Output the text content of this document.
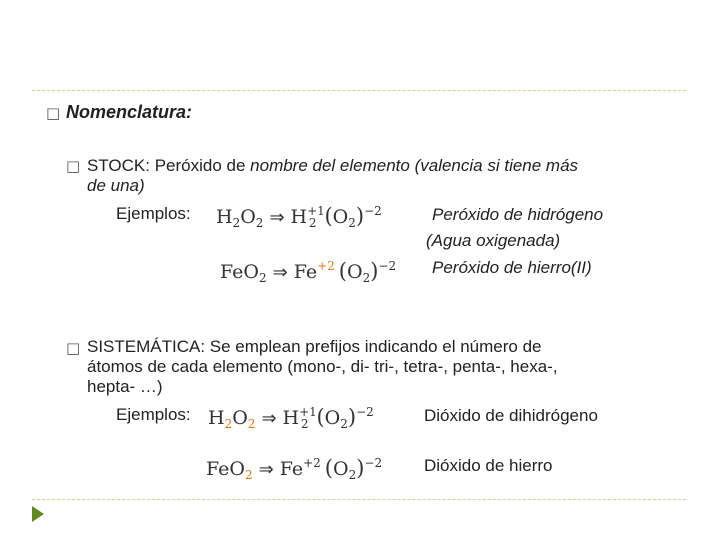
□ Nomenclatura:
□ STOCK: Peróxido de nombre del elemento (valencia si tiene más
de una)
Ejemplos: $H_2O_2$ ⇒ $H^{+1}_2$ $(O_2)^{-2}$	Peróxido de hidrógeno
(Agua oxigenada)
FeO$_2$ ⇒ $Fe^{+2}$ $(O_2)^{-2}$ Peróxido de hierro(II)
□ SISTEMÁTICA: Se emplean prefijos indicando el número de
átomos de cada elemento (mono-, di- tri-, tetra-, penta-, hexa-,
hepta- …)
Ejemplos: $H_2O_2$ ⇒ $H^{+1}_2$ $(O_2)^{-2}$	Dióxido de dihidrógeno
FeO$_2$ ⇒ $Fe^{+2}$ $(O_2)^{-2}$ Dióxido de hierro
